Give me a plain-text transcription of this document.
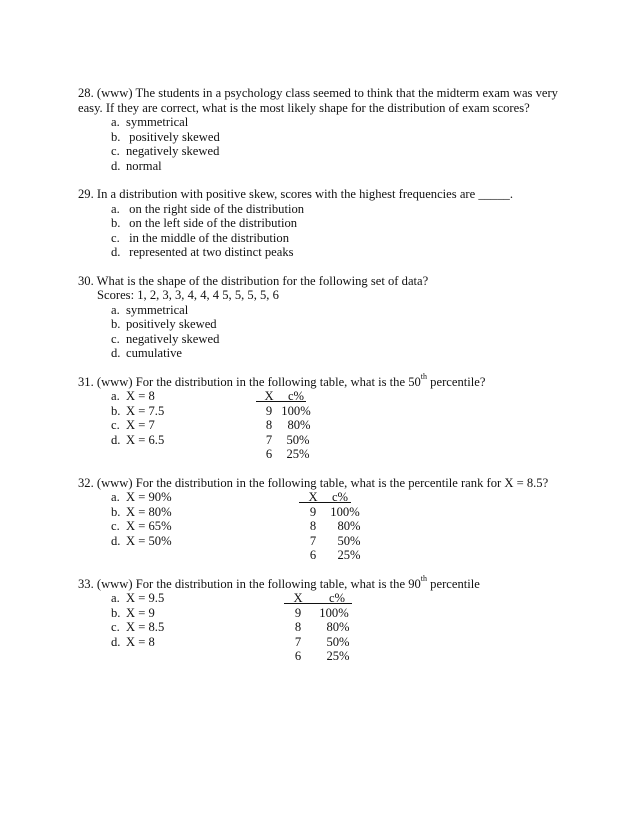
28. (www) The students in a psychology class seemed to think that the midterm exam was very
easy. If they are correct, what is the most likely shape for the distribution of exam scores?
a. symmetrical
b. positively skewed
c. negatively skewed
d. normal
29. In a distribution with positive skew, scores with the highest frequencies are _____.
a. on the right side of the distribution
b. on the left side of the distribution
c. in the middle of the distribution
d. represented at two distinct peaks
30. What is the shape of the distribution for the following set of data?
Scores: 1, 2, 3, 3, 4, 4, 4 5, 5, 5, 5, 6
a. symmetrical
b. positively skewed
c. negatively skewed
d. cumulative
31. (www) For the distribution in the following table, what is the 50th percentile?
a. X = 8	X	c%
b. X = 7.5	9 100%
c. X = 7	8	80%
d. X = 6.5	7	50%
6	25%
32. (www) For the distribution in the following table, what is the percentile rank for X = 8.5?
a. X = 90%	X	c%
b. X = 80%	9	100%
c. X = 65%	8	80%
d. X = 50%	7	50%
6	25%
33. (www) For the distribution in the following table, what is the 90th percentile
a. X = 9.5	X	c%
b. X = 9	9	100%
c. X = 8.5	8	80%
d. X = 8	7	50%
6	25%
